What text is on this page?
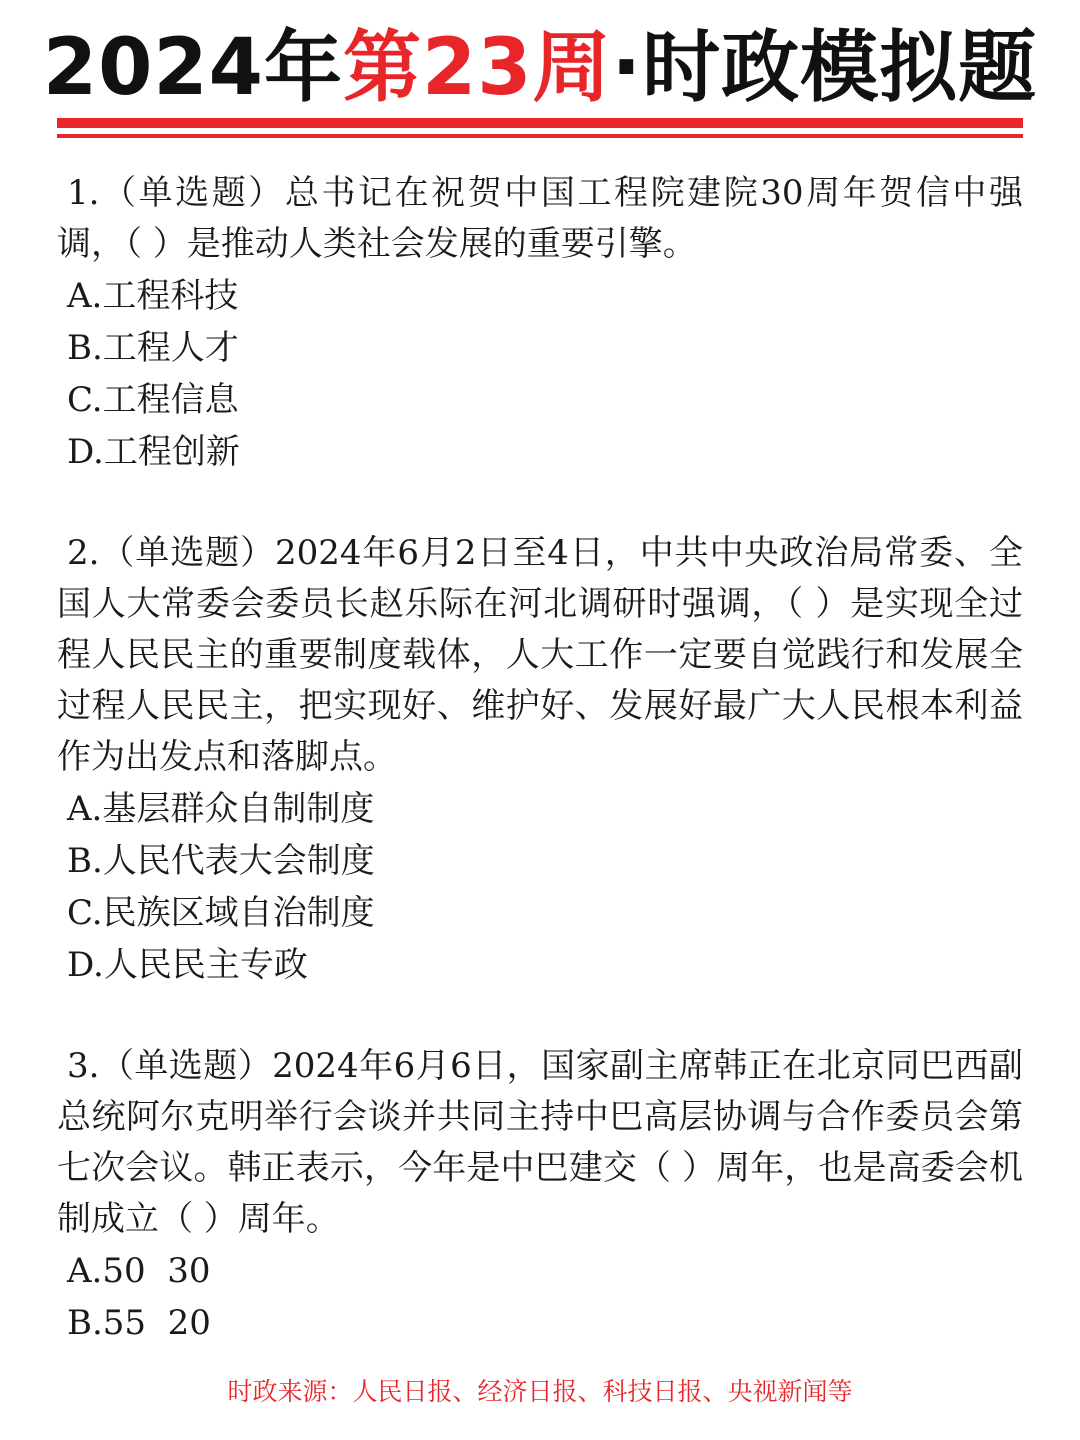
2024年第23周·时政模拟题

1.（单选题）总书记在祝贺中国工程院建院30周年贺信中强调，（ ）是推动人类社会发展的重要引擎。

A.工程科技
B.工程人才
C.工程信息
D.工程创新

2.（单选题）2024年6月2日至4日，中共中央政治局常委、全国人大常委会委员长赵乐际在河北调研时强调，（ ）是实现全过程人民民主的重要制度载体，人大工作一定要自觉践行和发展全过程人民民主，把实现好、维护好、发展好最广大人民根本利益作为出发点和落脚点。

A.基层群众自制制度
B.人民代表大会制度
C.民族区域自治制度
D.人民民主专政

3.（单选题）2024年6月6日，国家副主席韩正在北京同巴西副总统阿尔克明举行会谈并共同主持中巴高层协调与合作委员会第七次会议。韩正表示，今年是中巴建交（ ）周年，也是高委会机制成立（ ）周年。

A.50  30
B.55  20
时政来源：人民日报、经济日报、科技日报、央视新闻等
